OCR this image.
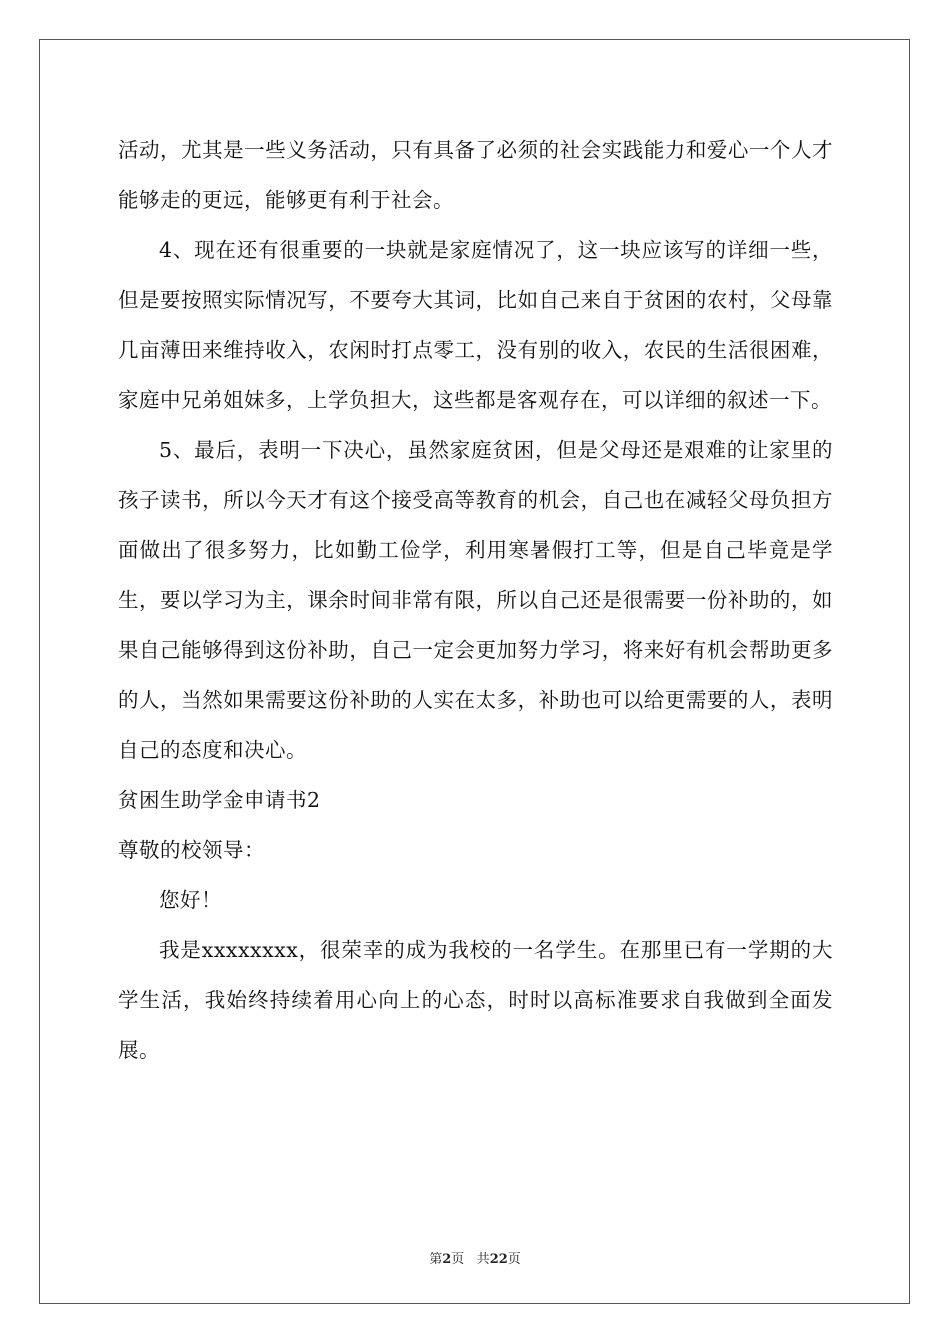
活动，尤其是一些义务活动，只有具备了必须的社会实践能力和爱心一个人才能够走的更远，能够更有利于社会。

4、现在还有很重要的一块就是家庭情况了，这一块应该写的详细一些，但是要按照实际情况写，不要夸大其词，比如自己来自于贫困的农村，父母靠几亩薄田来维持收入，农闲时打点零工，没有别的收入，农民的生活很困难，家庭中兄弟姐妹多，上学负担大，这些都是客观存在，可以详细的叙述一下。

5、最后，表明一下决心，虽然家庭贫困，但是父母还是艰难的让家里的孩子读书，所以今天才有这个接受高等教育的机会，自己也在减轻父母负担方面做出了很多努力，比如勤工俭学，利用寒暑假打工等，但是自己毕竟是学生，要以学习为主，课余时间非常有限，所以自己还是很需要一份补助的，如果自己能够得到这份补助，自己一定会更加努力学习，将来好有机会帮助更多的人，当然如果需要这份补助的人实在太多，补助也可以给更需要的人，表明自己的态度和决心。

贫困生助学金申请书2

尊敬的校领导：

您好！

我是xxxxxxxx，很荣幸的成为我校的一名学生。在那里已有一学期的大学生活，我始终持续着用心向上的心态，时时以高标准要求自我做到全面发展。

第2页 共22页
